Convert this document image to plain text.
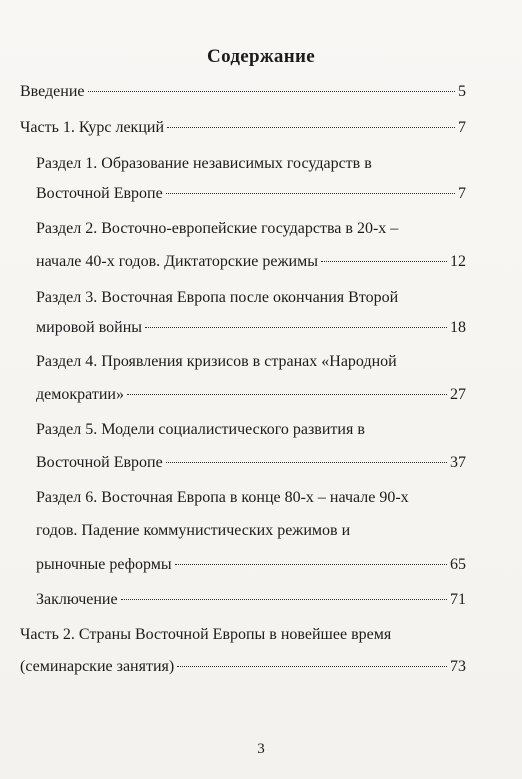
Содержание
Введение	5
Часть 1. Курс лекций	7
Раздел 1. Образование независимых государств в
Восточной Европе	7
Раздел 2. Восточно-европейские государства в 20-х –
начале 40-х годов. Диктаторские режимы	12
Раздел 3. Восточная Европа после окончания Второй
мировой войны	18
Раздел 4. Проявления кризисов в странах «Народной
демократии»	27
Раздел 5. Модели социалистического развития в
Восточной Европе	37
Раздел 6. Восточная Европа в конце 80-х – начале 90-х
годов. Падение коммунистических режимов и
рыночные реформы	65
Заключение	71
Часть 2. Страны Восточной Европы в новейшее время
(семинарские занятия)	73
3
